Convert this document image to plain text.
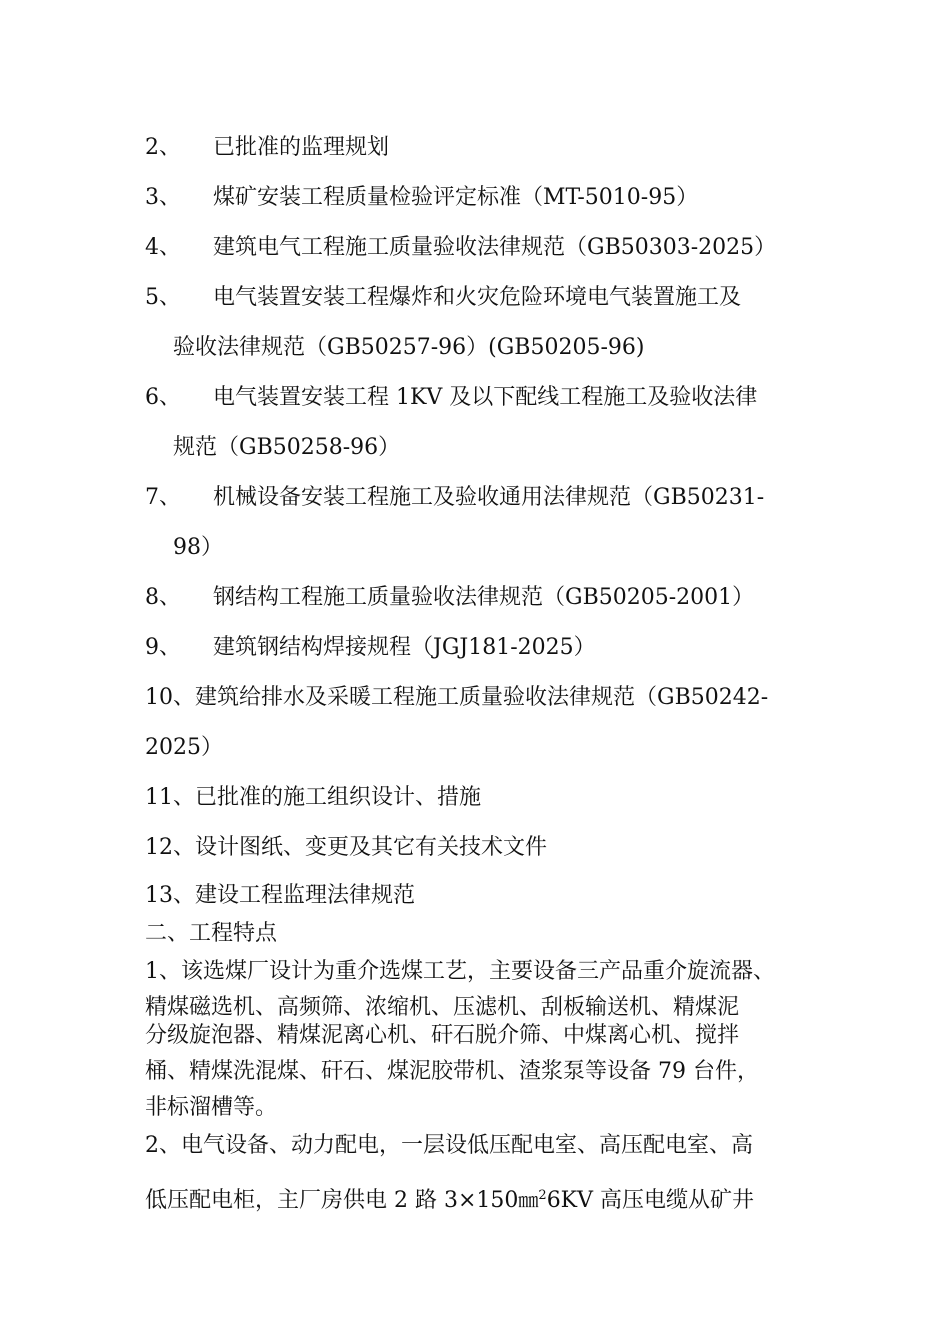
2、 已批准的监理规划
3、 煤矿安装工程质量检验评定标准（MT-5010-95）
4、 建筑电气工程施工质量验收法律规范（GB50303-2025）
5、 电气装置安装工程爆炸和火灾危险环境电气装置施工及
验收法律规范（GB50257-96）(GB50205-96)
6、 电气装置安装工程 1KV 及以下配线工程施工及验收法律
规范（GB50258-96）
7、 机械设备安装工程施工及验收通用法律规范（GB50231-
98）
8、 钢结构工程施工质量验收法律规范（GB50205-2001）
9、 建筑钢结构焊接规程（JGJ181-2025）
10、建筑给排水及采暖工程施工质量验收法律规范（GB50242-
2025）
11、已批准的施工组织设计、措施
12、设计图纸、变更及其它有关技术文件
13、建设工程监理法律规范
二、工程特点
1、该选煤厂设计为重介选煤工艺，主要设备三产品重介旋流器、
精煤磁选机、高频筛、浓缩机、压滤机、刮板输送机、精煤泥
分级旋泡器、精煤泥离心机、矸石脱介筛、中煤离心机、搅拌
桶、精煤洗混煤、矸石、煤泥胶带机、渣浆泵等设备 79 台件，
非标溜槽等。
2、电气设备、动力配电，一层设低压配电室、高压配电室、高
低压配电柜，主厂房供电 2 路 3×150㎜$^2$6KV 高压电缆从矿井
